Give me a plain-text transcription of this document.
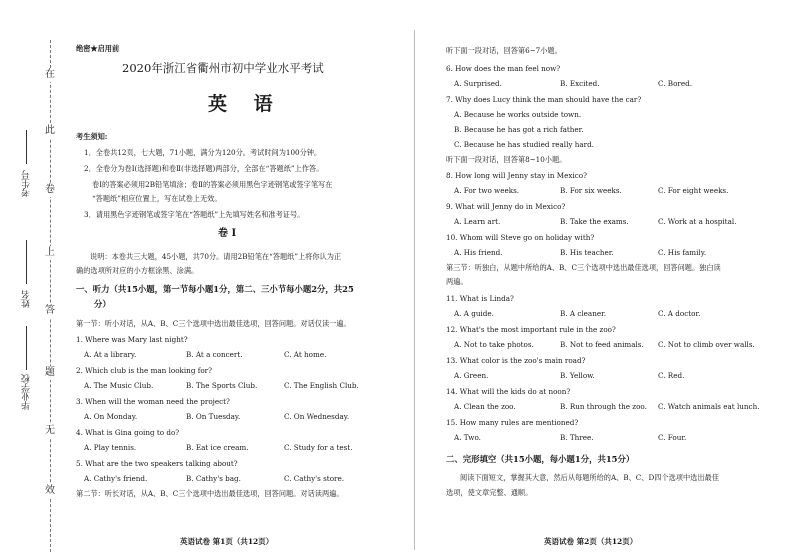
在
此
卷
上
答
题
无
效
考生号
姓名
毕业学校
绝密★启用前
2020年浙江省衢州市初中学业水平考试
英 语
考生须知:
1．全卷共12页，七大题，71小题，满分为120分。考试时间为100分钟。
2．全卷分为卷Ⅰ(选择题)和卷Ⅱ(非选择题)两部分，全部在“答题纸”上作答。
卷Ⅰ的答案必须用2B铅笔填涂；卷Ⅱ的答案必须用黑色字迹钢笔或签字笔写在
“答题纸”相应位置上，写在试卷上无效。
3．请用黑色字迹钢笔或签字笔在“答题纸”上先填写姓名和准考证号。
卷 Ⅰ
说明：本卷共三大题，45小题，共70分。请用2B铅笔在“答题纸”上将你认为正
确的选项所对应的小方框涂黑、涂满。
一、听力（共15小题，第一节每小题1分，第二、三小节每小题2分，共25
分）
第一节：听小对话，从A、B、C三个选项中选出最佳选项，回答问题。对话仅读一遍。
1. Where was Mary last night?
A. At a library.	B. At a concert.	C. At home.
2. Which club is the man looking for?
A. The Music Club.	B. The Sports Club.	C. The English Club.
3. When will the woman need the project?
A. On Monday.	B. On Tuesday.	C. On Wednesday.
4. What is Gina going to do?
A. Play tennis.	B. Eat ice cream.	C. Study for a test.
5. What are the two speakers talking about?
A. Cathy's friend.	B. Cathy's bag.	C. Cathy's store.
第二节：听长对话，从A、B、C三个选项中选出最佳选项，回答问题。对话读两遍。
英语试卷 第1页（共12页）
听下面一段对话，回答第6~7小题。
6. How does the man feel now?
A. Surprised.	B. Excited.	C. Bored.
7. Why does Lucy think the man should have the car?
A. Because he works outside town.
B. Because he has got a rich father.
C. Because he has studied really hard.
听下面一段对话，回答第8~10小题。
8. How long will Jenny stay in Mexico?
A. For two weeks.	B. For six weeks.	C. For eight weeks.
9. What will Jenny do in Mexico?
A. Learn art.	B. Take the exams.	C. Work at a hospital.
10. Whom will Steve go on holiday with?
A. His friend.	B. His teacher.	C. His family.
第三节：听独白，从题中所给的A、B、C三个选项中选出最佳选项，回答问题。独白读
两遍。
11. What is Linda?
A. A guide.	B. A cleaner.	C. A doctor.
12. What's the most important rule in the zoo?
A. Not to take photos.	B. Not to feed animals. C. Not to climb over walls.
13. What color is the zoo's main road?
A. Green.	B. Yellow.	C. Red.
14. What will the kids do at noon?
A. Clean the zoo.	B. Run through the zoo. C. Watch animals eat lunch.
15. How many rules are mentioned?
A. Two.	B. Three.	C. Four.
二、完形填空（共15小题，每小题1分，共15分）
阅读下面短文，掌握其大意，然后从每题所给的A、B、C、D四个选项中选出最佳
选项，使文章完整、通顺。
英语试卷 第2页（共12页）
